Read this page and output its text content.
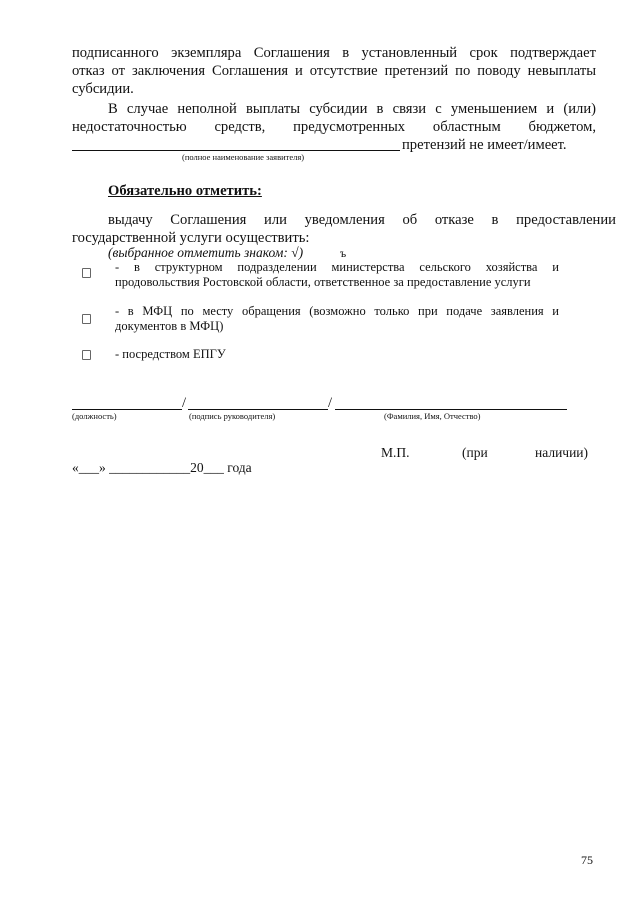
подписанного экземпляра Соглашения в установленный срок подтверждает
отказ от заключения Соглашения и отсутствие претензий по поводу невыплаты
субсидии.
В случае неполной выплаты субсидии в связи с уменьшением и (или)
недостаточностью средств, предусмотренных областным бюджетом,
претензий не имеет/имеет.
(полное наименование заявителя)
Обязательно отметить:
выдачу Соглашения или уведомления об отказе в предоставлении
государственной услуги осуществить:
(выбранное отметить знаком: √)	ъ
- в структурном подразделении министерства сельского хозяйства и
продовольствия Ростовской области, ответственное за предоставление услуги
- в МФЦ по месту обращения (возможно только при подаче заявления и
документов в МФЦ)
- посредством ЕПГУ
/	/
(должность)	(подпись руководителя)	(Фамилия, Имя, Отчество)
М.П.	(при	наличии)
«___» ____________20___ года
75
